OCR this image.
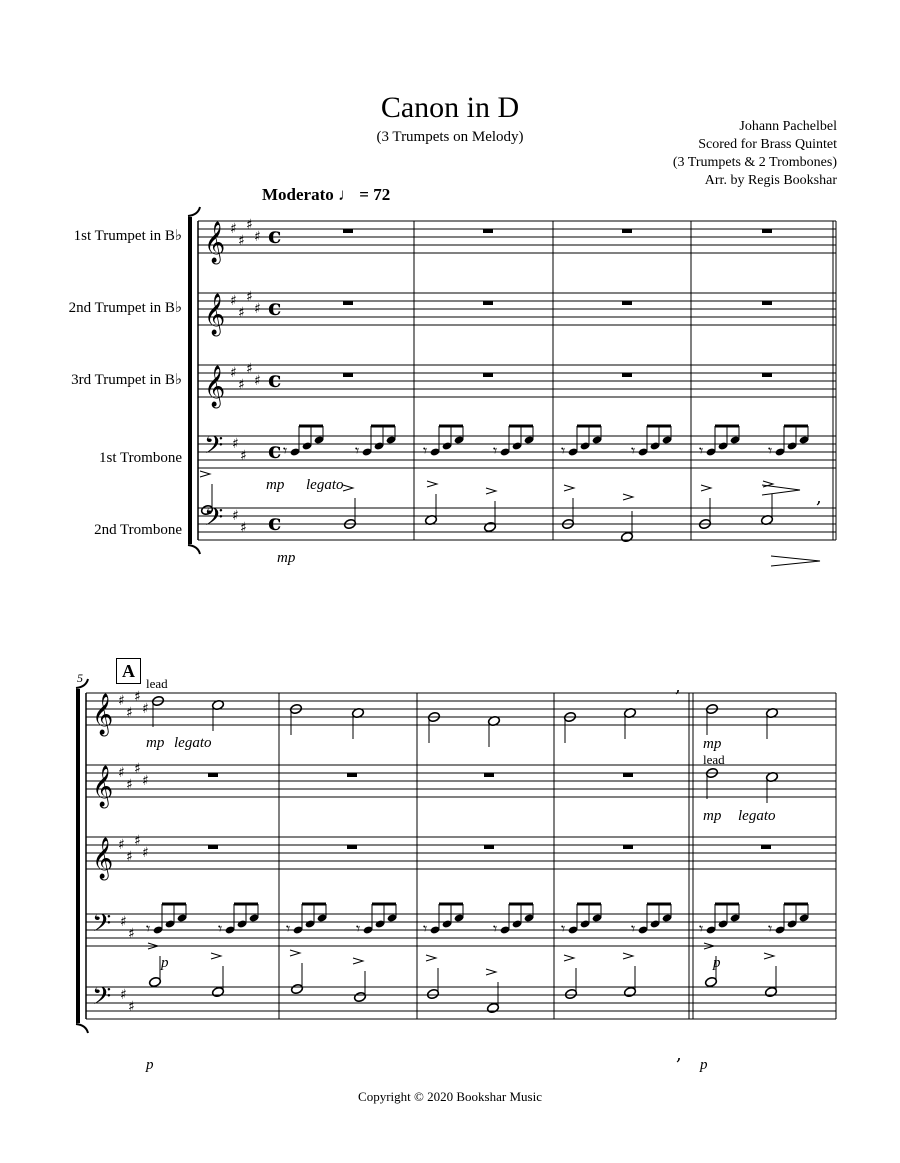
Canon in D
(3 Trumpets on Melody)
Johann Pachelbel
Scored for Brass Quintet
(3 Trumpets & 2 Trombones)
Arr. by Regis Bookshar
Moderato ♩ = 72
1st Trumpet in B♭
2nd Trumpet in B♭
3rd Trumpet in B♭
1st Trombone
2nd Trombone
𝄞 ♯
♯
♯
♯ c
𝄞 ♯
♯
♯
♯ c
𝄞 ♯
♯
♯
♯ c
𝄢 ♯
♯ c
𝄢 ♯
♯ c
𝄞 ♯
♯
♯
♯
𝄞 ♯
♯
♯
♯
𝄞 ♯
♯
♯
♯
𝄢 ♯
♯
𝄢 ♯
♯
𝄾	𝄾	𝄾	𝄾	𝄾	𝄾	𝄾	𝄾
𝄾	𝄾	𝄾	𝄾	𝄾	𝄾	𝄾	𝄾	𝄾	𝄾
,
,
,
mp legato
mp
5	A
lead
mp legato	mp
lead
mp legato
p	p
p	p
Copyright © 2020 Bookshar Music
